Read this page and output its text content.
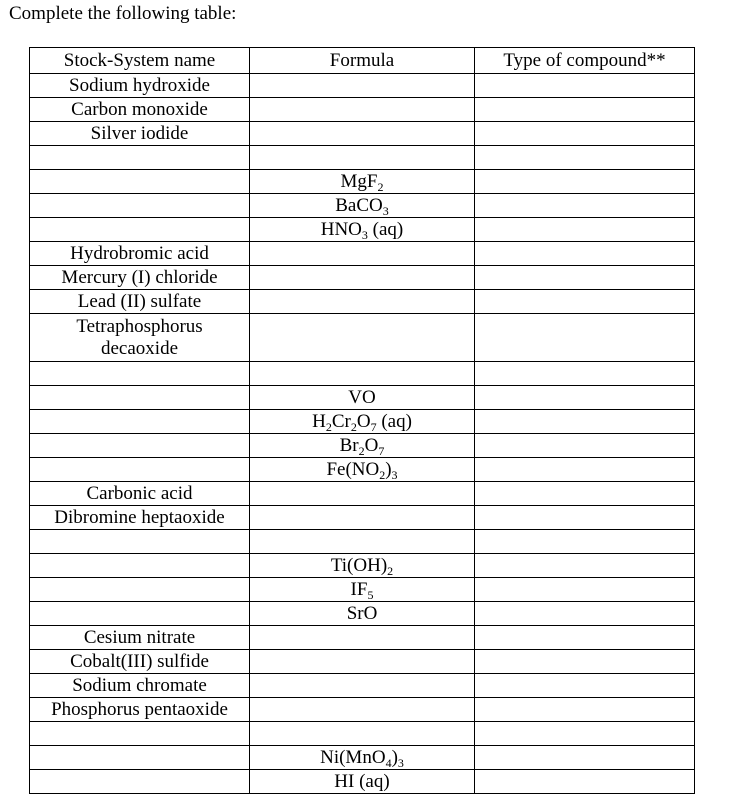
Complete the following table:
Stock-System name	Formula	Type of compound**
Sodium hydroxide		
Carbon monoxide		
Silver iodide		

	MgF$_2$	
	BaCO$_3$	
	$HNO_3$ (aq)	
Hydrobromic acid		
Mercury (I) chloride		
Lead (II) sulfate		
Tetraphosphorus
decaoxide		

	VO	
	$H_2Cr_2O_7$ (aq)	
	$Br_2O_7$	
	$Fe(NO_2)_3$	
Carbonic acid		
Dibromine heptaoxide		

	$Ti(OH)_2$	
	$IF_5$	
	SrO	
Cesium nitrate		
Cobalt(III) sulfide		
Sodium chromate		
Phosphorus pentaoxide		

	$Ni(MnO_4)_3$	
	HI (aq)	
